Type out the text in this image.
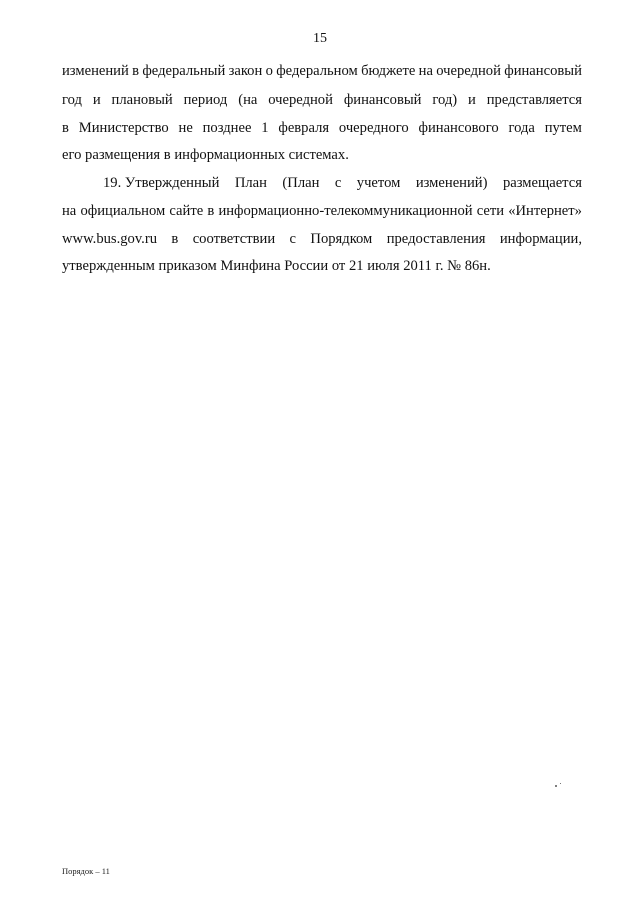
15
изменений в федеральный закон о федеральном бюджете на очередной финансовый
год и плановый период (на очередной финансовый год) и представляется
в Министерство не позднее 1 февраля очередного финансового года путем
его размещения в информационных системах.
19. Утвержденный План (План с учетом изменений) размещается
на официальном сайте в информационно-телекоммуникационной сети «Интернет»
www.bus.gov.ru в соответствии с Порядком предоставления информации,
утвержденным приказом Минфина России от 21 июля 2011 г. № 86н.
Порядок – 11
